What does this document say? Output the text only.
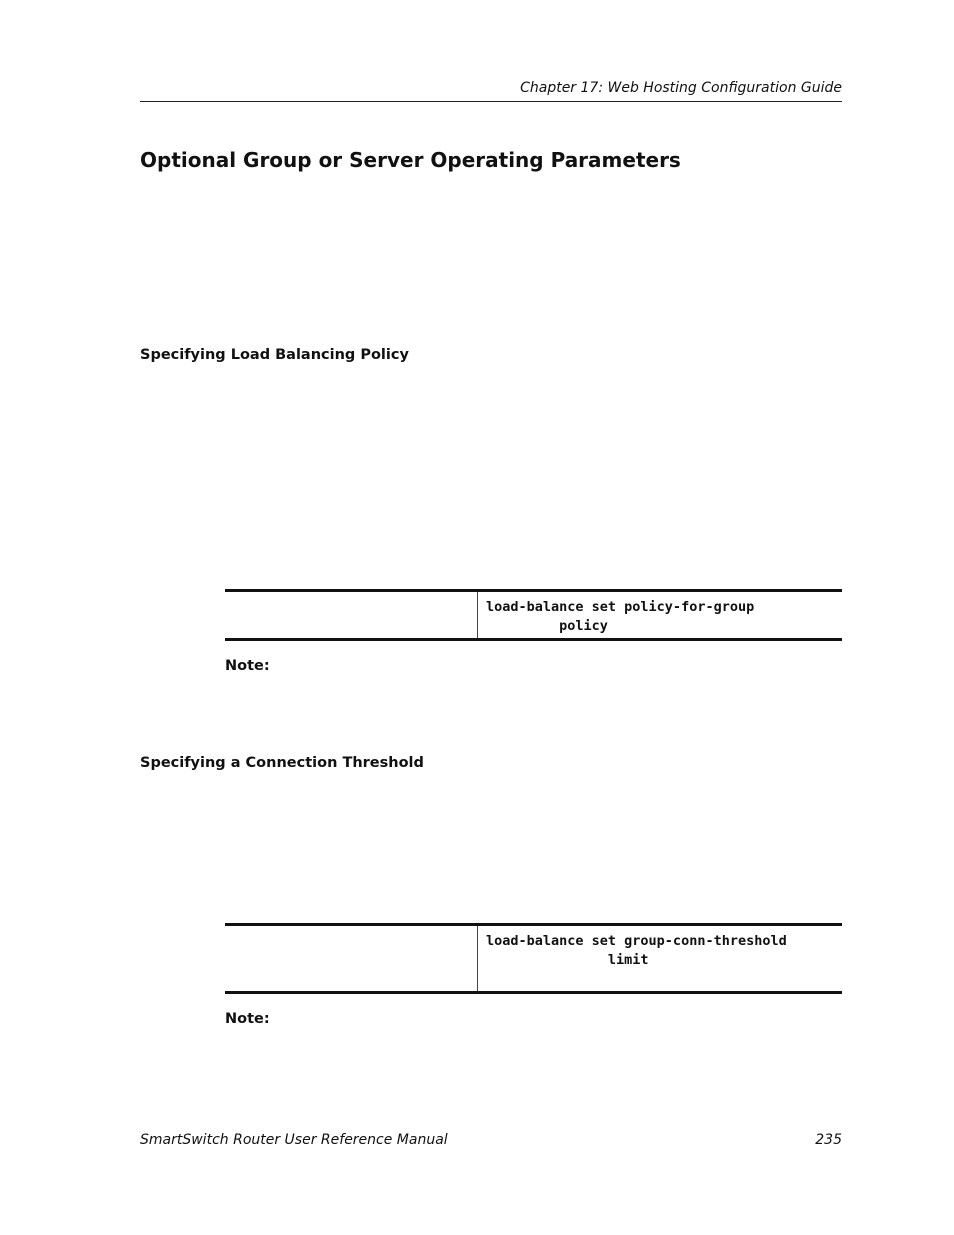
Chapter 17: Web Hosting Configuration Guide
Optional Group or Server Operating Parameters
Specifying Load Balancing Policy
load-balance set policy-for-group
policy
Note:
Specifying a Connection Threshold
load-balance set group-conn-threshold
limit
Note:
SmartSwitch Router User Reference Manual	235
